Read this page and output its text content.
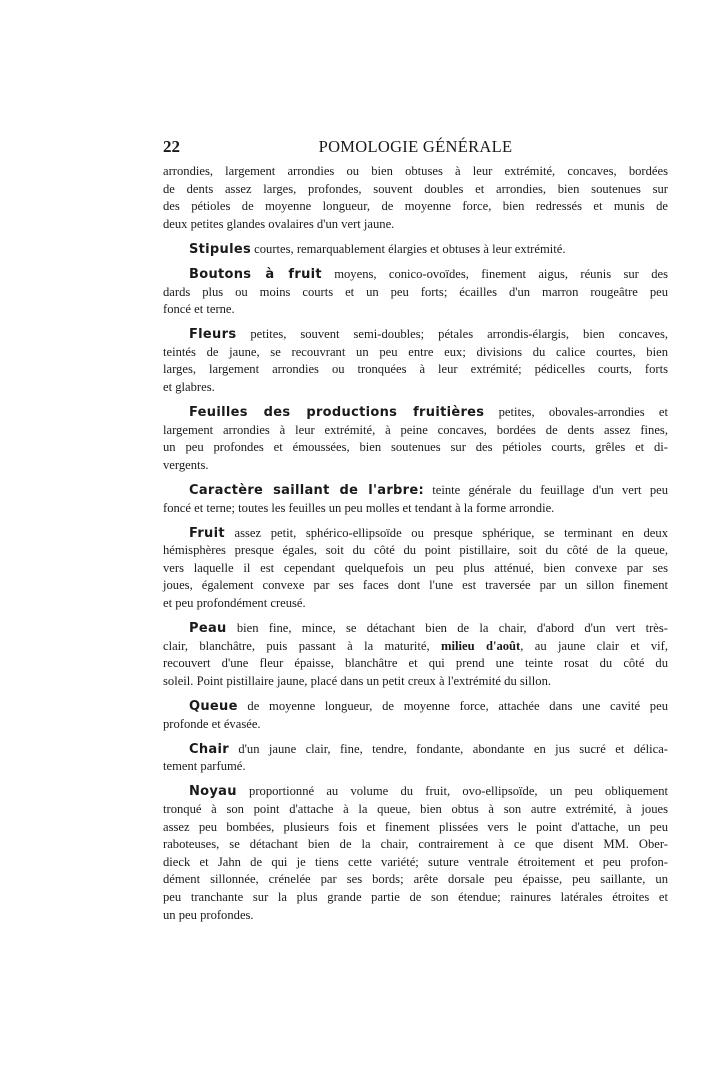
22	POMOLOGIE GÉNÉRALE
arrondies, largement arrondies ou bien obtuses à leur extrémité, concaves, bordées
de dents assez larges, profondes, souvent doubles et arrondies, bien soutenues sur
des pétioles de moyenne longueur, de moyenne force, bien redressés et munis de
deux petites glandes ovalaires d'un vert jaune.
Stipules courtes, remarquablement élargies et obtuses à leur extrémité.
Boutons à fruit moyens, conico-ovoïdes, finement aigus, réunis sur des
dards plus ou moins courts et un peu forts; écailles d'un marron rougeâtre peu
foncé et terne.
Fleurs petites, souvent semi-doubles; pétales arrondis-élargis, bien concaves,
teintés de jaune, se recouvrant un peu entre eux; divisions du calice courtes, bien
larges, largement arrondies ou tronquées à leur extrémité; pédicelles courts, forts
et glabres.
Feuilles des productions fruitières petites, obovales-arrondies et
largement arrondies à leur extrémité, à peine concaves, bordées de dents assez fines,
un peu profondes et émoussées, bien soutenues sur des pétioles courts, grêles et di-
vergents.
Caractère saillant de l'arbre: teinte générale du feuillage d'un vert peu
foncé et terne; toutes les feuilles un peu molles et tendant à la forme arrondie.
Fruit assez petit, sphérico-ellipsoïde ou presque sphérique, se terminant en deux
hémisphères presque égales, soit du côté du point pistillaire, soit du côté de la queue,
vers laquelle il est cependant quelquefois un peu plus atténué, bien convexe par ses
joues, également convexe par ses faces dont l'une est traversée par un sillon finement
et peu profondément creusé.
Peau bien fine, mince, se détachant bien de la chair, d'abord d'un vert très-
clair, blanchâtre, puis passant à la maturité, milieu d'août, au jaune clair et vif,
recouvert d'une fleur épaisse, blanchâtre et qui prend une teinte rosat du côté du
soleil. Point pistillaire jaune, placé dans un petit creux à l'extrémité du sillon.
Queue de moyenne longueur, de moyenne force, attachée dans une cavité peu
profonde et évasée.
Chair d'un jaune clair, fine, tendre, fondante, abondante en jus sucré et délica-
tement parfumé.
Noyau proportionné au volume du fruit, ovo-ellipsoïde, un peu obliquement
tronqué à son point d'attache à la queue, bien obtus à son autre extrémité, à joues
assez peu bombées, plusieurs fois et finement plissées vers le point d'attache, un peu
raboteuses, se détachant bien de la chair, contrairement à ce que disent MM. Ober-
dieck et Jahn de qui je tiens cette variété; suture ventrale étroitement et peu profon-
dément sillonnée, crénelée par ses bords; arête dorsale peu épaisse, peu saillante, un
peu tranchante sur la plus grande partie de son étendue; rainures latérales étroites et
un peu profondes.
